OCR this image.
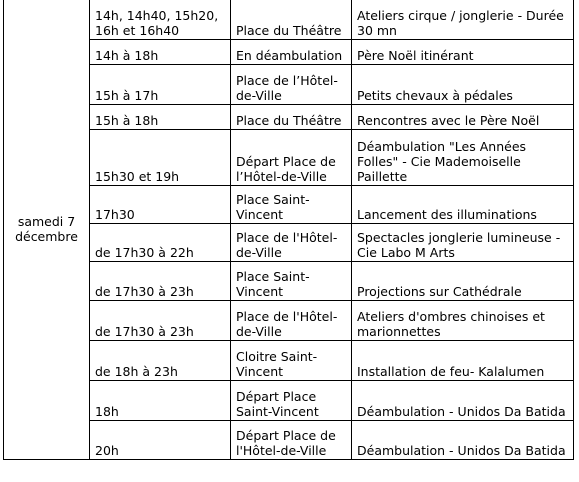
samedi 7 décembre	14h, 14h40, 15h20, 16h et 16h40	Place du Théâtre	Ateliers cirque / jonglerie - Durée 30 mn
	14h à 18h	En déambulation	Père Noël itinérant
	15h à 17h	Place de l’Hôtel-de-Ville	Petits chevaux à pédales
	15h à 18h	Place du Théâtre	Rencontres avec le Père Noël
	15h30 et 19h	Départ Place de l’Hôtel-de-Ville	Déambulation "Les Années Folles" - Cie Mademoiselle Paillette
	17h30	Place Saint-Vincent	Lancement des illuminations
	de 17h30 à 22h	Place de l'Hôtel-de-Ville	Spectacles jonglerie lumineuse - Cie Labo M Arts
	de 17h30 à 23h	Place Saint-Vincent	Projections sur Cathédrale
	de 17h30 à 23h	Place de l'Hôtel-de-Ville	Ateliers d'ombres chinoises et marionnettes
	de 18h à 23h	Cloitre Saint-Vincent	Installation de feu- Kalalumen
	18h	Départ Place Saint-Vincent	Déambulation - Unidos Da Batida
	20h	Départ Place de l'Hôtel-de-Ville	Déambulation - Unidos Da Batida
